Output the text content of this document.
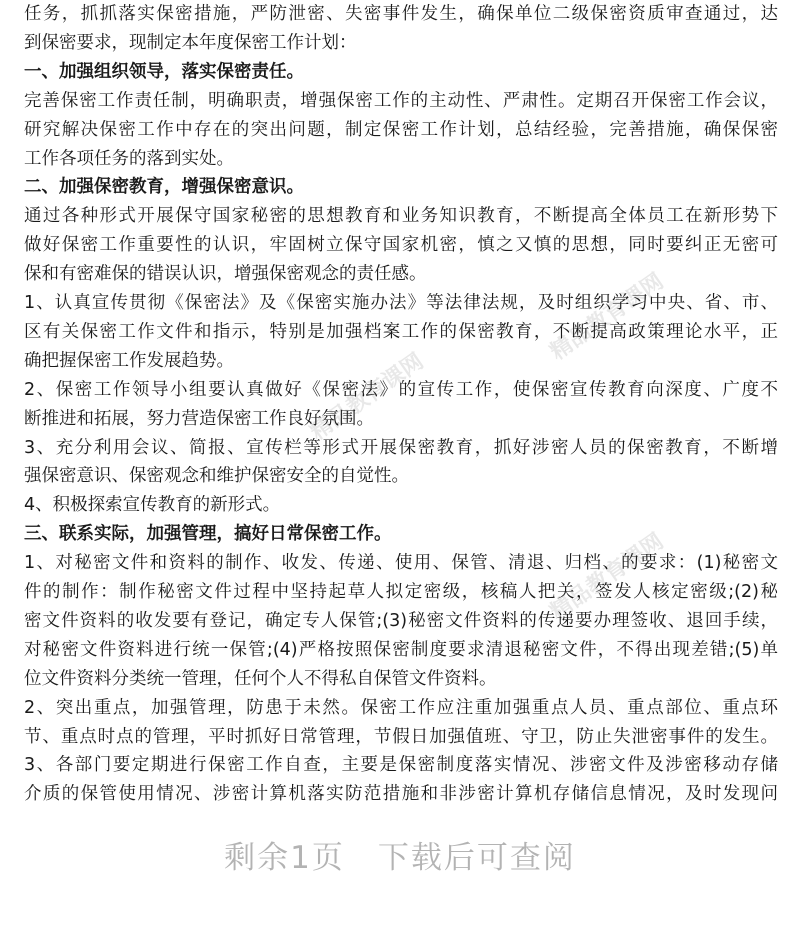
精品教育课网
精品教育课网
精品教育课网
任务，抓抓落实保密措施，严防泄密、失密事件发生，确保单位二级保密资质审查通过，达
到保密要求，现制定本年度保密工作计划：
一、加强组织领导，落实保密责任。
完善保密工作责任制，明确职责，增强保密工作的主动性、严肃性。定期召开保密工作会议，
研究解决保密工作中存在的突出问题，制定保密工作计划，总结经验，完善措施，确保保密
工作各项任务的落到实处。
二、加强保密教育，增强保密意识。
通过各种形式开展保守国家秘密的思想教育和业务知识教育，不断提高全体员工在新形势下
做好保密工作重要性的认识，牢固树立保守国家机密，慎之又慎的思想，同时要纠正无密可
保和有密难保的错误认识，增强保密观念的责任感。
1、认真宣传贯彻《保密法》及《保密实施办法》等法律法规，及时组织学习中央、省、市、
区有关保密工作文件和指示，特别是加强档案工作的保密教育，不断提高政策理论水平，正
确把握保密工作发展趋势。
2、保密工作领导小组要认真做好《保密法》的宣传工作，使保密宣传教育向深度、广度不
断推进和拓展，努力营造保密工作良好氛围。
3、充分利用会议、简报、宣传栏等形式开展保密教育，抓好涉密人员的保密教育，不断增
强保密意识、保密观念和维护保密安全的自觉性。
4、积极探索宣传教育的新形式。
三、联系实际，加强管理，搞好日常保密工作。
1、对秘密文件和资料的制作、收发、传递、使用、保管、清退、归档、的要求：(1)秘密文
件的制作：制作秘密文件过程中坚持起草人拟定密级，核稿人把关，签发人核定密级;(2)秘
密文件资料的收发要有登记，确定专人保管;(3)秘密文件资料的传递要办理签收、退回手续，
对秘密文件资料进行统一保管;(4)严格按照保密制度要求清退秘密文件，不得出现差错;(5)单
位文件资料分类统一管理，任何个人不得私自保管文件资料。
2、突出重点，加强管理，防患于未然。保密工作应注重加强重点人员、重点部位、重点环
节、重点时点的管理，平时抓好日常管理，节假日加强值班、守卫，防止失泄密事件的发生。
3、各部门要定期进行保密工作自查，主要是保密制度落实情况、涉密文件及涉密移动存储
介质的保管使用情况、涉密计算机落实防范措施和非涉密计算机存储信息情况，及时发现问
剩余1页　下载后可查阅
